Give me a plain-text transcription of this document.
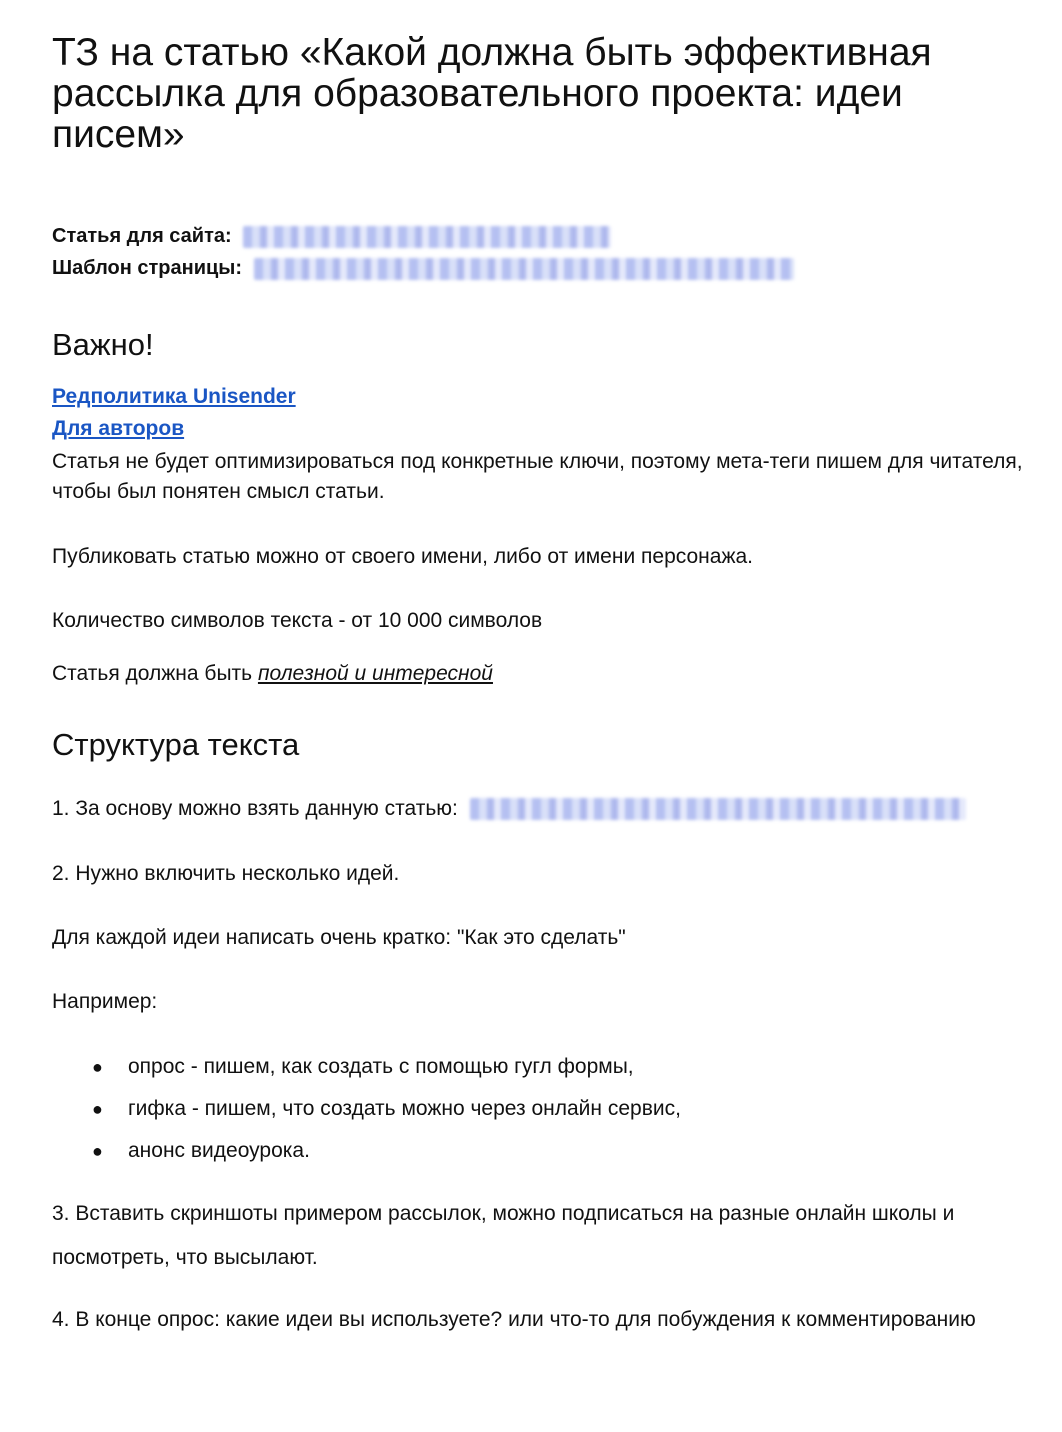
ТЗ на статью «Какой должна быть эффективная рассылка для образовательного проекта: идеи писем»
Статья для сайта:
Шаблон страницы:
Важно!
Редполитика Unisender
Для авторов

Статья не будет оптимизироваться под конкретные ключи, поэтому мета-теги пишем для читателя, чтобы был понятен смысл статьи.

Публиковать статью можно от своего имени, либо от имени персонажа.

Количество символов текста - от 10 000 символов

Статья должна быть полезной и интересной

Структура текста

1. За основу можно взять данную статью:

2. Нужно включить несколько идей.

Для каждой идеи написать очень кратко: "Как это сделать"

Например:

● опрос - пишем, как создать с помощью гугл формы,
● гифка - пишем, что создать можно через онлайн сервис,
● анонс видеоурока.

3. Вставить скриншоты примером рассылок, можно подписаться на разные онлайн школы и посмотреть, что высылают.

4. В конце опрос: какие идеи вы используете? или что-то для побуждения к комментированию
